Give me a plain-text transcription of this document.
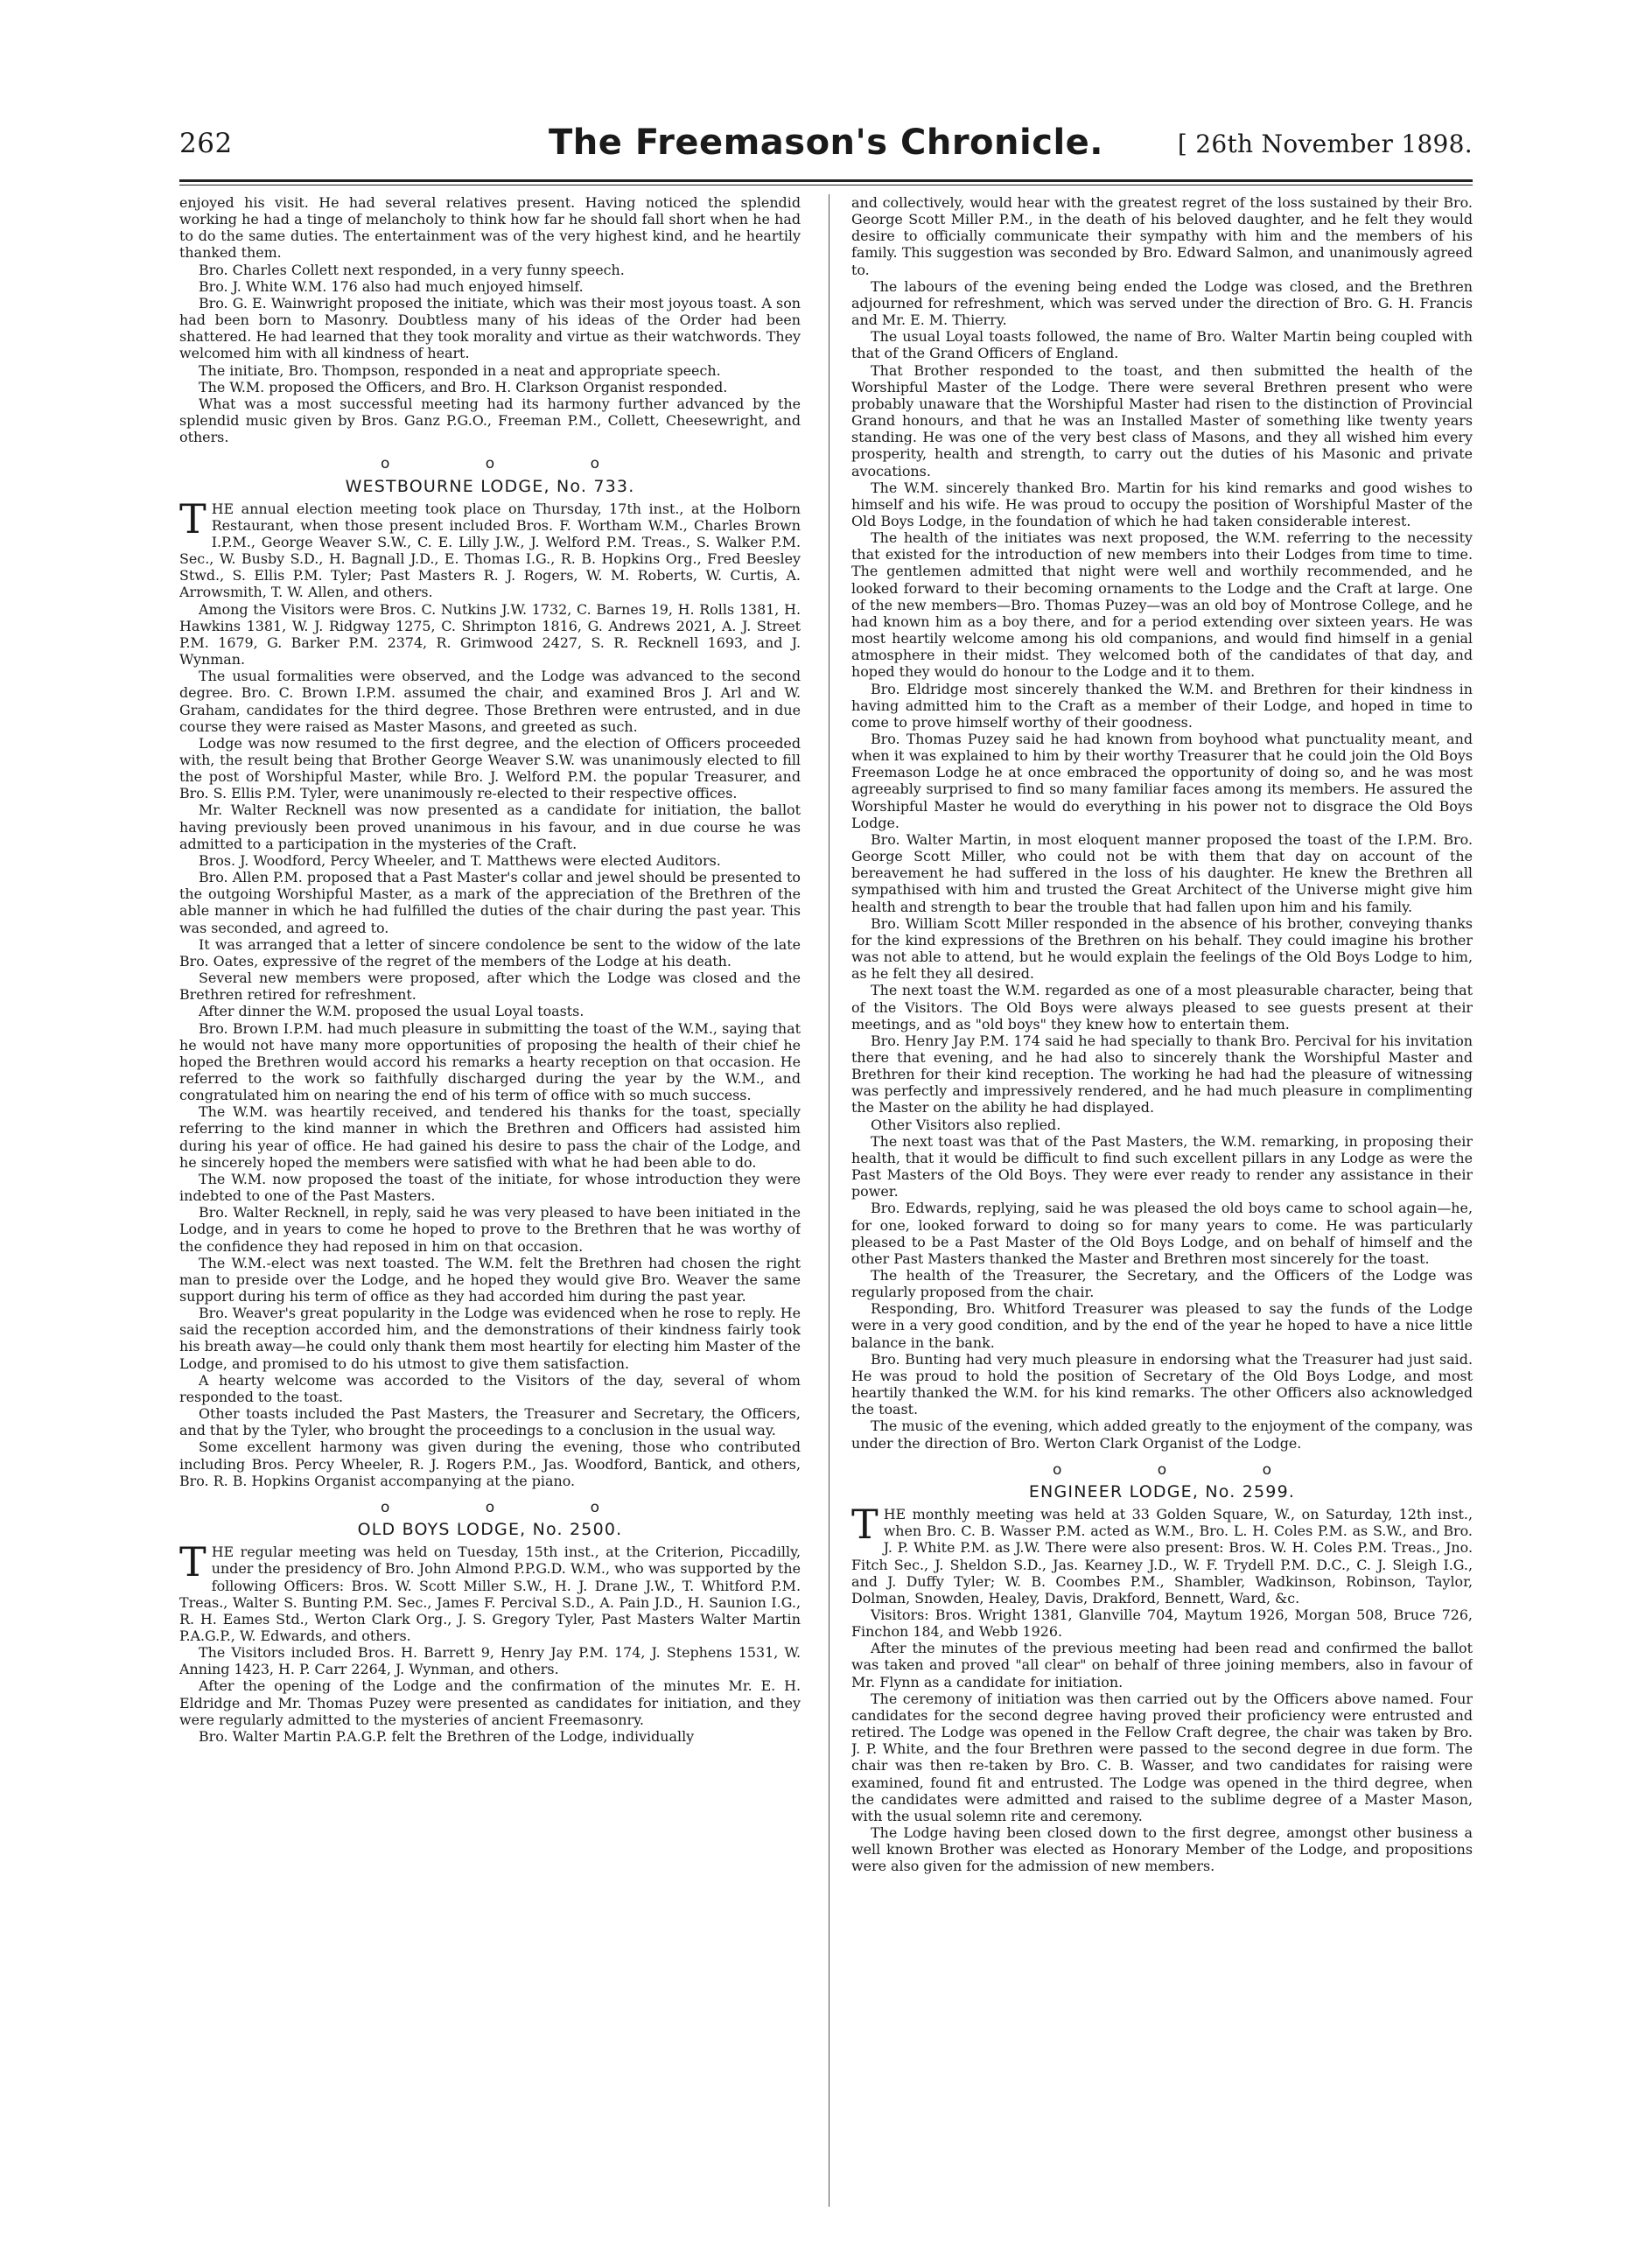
262	The Freemason's Chronicle.	[ 26th November 1898.

enjoyed his visit. He had several relatives present. Having noticed the splendid working he had a tinge of melancholy to think how far he should fall short when he had to do the same duties. The entertainment was of the very highest kind, and he heartily thanked them.

Bro. Charles Collett next responded, in a very funny speech.

Bro. J. White W.M. 176 also had much enjoyed himself.

Bro. G. E. Wainwright proposed the initiate, which was their most joyous toast. A son had been born to Masonry. Doubtless many of his ideas of the Order had been shattered. He had learned that they took morality and virtue as their watchwords. They welcomed him with all kindness of heart.

The initiate, Bro. Thompson, responded in a neat and appropriate speech.

The W.M. proposed the Officers, and Bro. H. Clarkson Organist responded.

What was a most successful meeting had its harmony further advanced by the splendid music given by Bros. Ganz P.G.O., Freeman P.M., Collett, Cheesewright, and others.

o o o
WESTBOURNE LODGE, No. 733.

THE annual election meeting took place on Thursday, 17th inst., at the Holborn Restaurant, when those present included Bros. F. Wortham W.M., Charles Brown I.P.M., George Weaver S.W., C. E. Lilly J.W., J. Welford P.M. Treas., S. Walker P.M. Sec., W. Busby S.D., H. Bagnall J.D., E. Thomas I.G., R. B. Hopkins Org., Fred Beesley Stwd., S. Ellis P.M. Tyler; Past Masters R. J. Rogers, W. M. Roberts, W. Curtis, A. Arrowsmith, T. W. Allen, and others.

Among the Visitors were Bros. C. Nutkins J.W. 1732, C. Barnes 19, H. Rolls 1381, H. Hawkins 1381, W. J. Ridgway 1275, C. Shrimpton 1816, G. Andrews 2021, A. J. Street P.M. 1679, G. Barker P.M. 2374, R. Grimwood 2427, S. R. Recknell 1693, and J. Wynman.

The usual formalities were observed, and the Lodge was advanced to the second degree. Bro. C. Brown I.P.M. assumed the chair, and examined Bros J. Arl and W. Graham, candidates for the third degree. Those Brethren were entrusted, and in due course they were raised as Master Masons, and greeted as such.

Lodge was now resumed to the first degree, and the election of Officers proceeded with, the result being that Brother George Weaver S.W. was unanimously elected to fill the post of Worshipful Master, while Bro. J. Welford P.M. the popular Treasurer, and Bro. S. Ellis P.M. Tyler, were unanimously re-elected to their respective offices.

Mr. Walter Recknell was now presented as a candidate for initiation, the ballot having previously been proved unanimous in his favour, and in due course he was admitted to a participation in the mysteries of the Craft.

Bros. J. Woodford, Percy Wheeler, and T. Matthews were elected Auditors.

Bro. Allen P.M. proposed that a Past Master's collar and jewel should be presented to the outgoing Worshipful Master, as a mark of the appreciation of the Brethren of the able manner in which he had fulfilled the duties of the chair during the past year. This was seconded, and agreed to.

It was arranged that a letter of sincere condolence be sent to the widow of the late Bro. Oates, expressive of the regret of the members of the Lodge at his death.

Several new members were proposed, after which the Lodge was closed and the Brethren retired for refreshment.

After dinner the W.M. proposed the usual Loyal toasts.

Bro. Brown I.P.M. had much pleasure in submitting the toast of the W.M., saying that he would not have many more opportunities of proposing the health of their chief he hoped the Brethren would accord his remarks a hearty reception on that occasion. He referred to the work so faithfully discharged during the year by the W.M., and congratulated him on nearing the end of his term of office with so much success.

The W.M. was heartily received, and tendered his thanks for the toast, specially referring to the kind manner in which the Brethren and Officers had assisted him during his year of office. He had gained his desire to pass the chair of the Lodge, and he sincerely hoped the members were satisfied with what he had been able to do.

The W.M. now proposed the toast of the initiate, for whose introduction they were indebted to one of the Past Masters.

Bro. Walter Recknell, in reply, said he was very pleased to have been initiated in the Lodge, and in years to come he hoped to prove to the Brethren that he was worthy of the confidence they had reposed in him on that occasion.

The W.M.-elect was next toasted. The W.M. felt the Brethren had chosen the right man to preside over the Lodge, and he hoped they would give Bro. Weaver the same support during his term of office as they had accorded him during the past year.

Bro. Weaver's great popularity in the Lodge was evidenced when he rose to reply. He said the reception accorded him, and the demonstrations of their kindness fairly took his breath away—he could only thank them most heartily for electing him Master of the Lodge, and promised to do his utmost to give them satisfaction.

A hearty welcome was accorded to the Visitors of the day, several of whom responded to the toast.

Other toasts included the Past Masters, the Treasurer and Secretary, the Officers, and that by the Tyler, who brought the proceedings to a conclusion in the usual way.

Some excellent harmony was given during the evening, those who contributed including Bros. Percy Wheeler, R. J. Rogers P.M., Jas. Woodford, Bantick, and others, Bro. R. B. Hopkins Organist accompanying at the piano.

o o o
OLD BOYS LODGE, No. 2500.

THE regular meeting was held on Tuesday, 15th inst., at the Criterion, Piccadilly, under the presidency of Bro. John Almond P.P.G.D. W.M., who was supported by the following Officers: Bros. W. Scott Miller S.W., H. J. Drane J.W., T. Whitford P.M. Treas., Walter S. Bunting P.M. Sec., James F. Percival S.D., A. Pain J.D., H. Saunion I.G., R. H. Eames Std., Werton Clark Org., J. S. Gregory Tyler, Past Masters Walter Martin P.A.G.P., W. Edwards, and others.

The Visitors included Bros. H. Barrett 9, Henry Jay P.M. 174, J. Stephens 1531, W. Anning 1423, H. P. Carr 2264, J. Wynman, and others.

After the opening of the Lodge and the confirmation of the minutes Mr. E. H. Eldridge and Mr. Thomas Puzey were presented as candidates for initiation, and they were regularly admitted to the mysteries of ancient Freemasonry.

Bro. Walter Martin P.A.G.P. felt the Brethren of the Lodge, individually

and collectively, would hear with the greatest regret of the loss sustained by their Bro. George Scott Miller P.M., in the death of his beloved daughter, and he felt they would desire to officially communicate their sympathy with him and the members of his family. This suggestion was seconded by Bro. Edward Salmon, and unanimously agreed to.

The labours of the evening being ended the Lodge was closed, and the Brethren adjourned for refreshment, which was served under the direction of Bro. G. H. Francis and Mr. E. M. Thierry.

The usual Loyal toasts followed, the name of Bro. Walter Martin being coupled with that of the Grand Officers of England.

That Brother responded to the toast, and then submitted the health of the Worshipful Master of the Lodge. There were several Brethren present who were probably unaware that the Worshipful Master had risen to the distinction of Provincial Grand honours, and that he was an Installed Master of something like twenty years standing. He was one of the very best class of Masons, and they all wished him every prosperity, health and strength, to carry out the duties of his Masonic and private avocations.

The W.M. sincerely thanked Bro. Martin for his kind remarks and good wishes to himself and his wife. He was proud to occupy the position of Worshipful Master of the Old Boys Lodge, in the foundation of which he had taken considerable interest.

The health of the initiates was next proposed, the W.M. referring to the necessity that existed for the introduction of new members into their Lodges from time to time. The gentlemen admitted that night were well and worthily recommended, and he looked forward to their becoming ornaments to the Lodge and the Craft at large. One of the new members—Bro. Thomas Puzey—was an old boy of Montrose College, and he had known him as a boy there, and for a period extending over sixteen years. He was most heartily welcome among his old companions, and would find himself in a genial atmosphere in their midst. They welcomed both of the candidates of that day, and hoped they would do honour to the Lodge and it to them.

Bro. Eldridge most sincerely thanked the W.M. and Brethren for their kindness in having admitted him to the Craft as a member of their Lodge, and hoped in time to come to prove himself worthy of their goodness.

Bro. Thomas Puzey said he had known from boyhood what punctuality meant, and when it was explained to him by their worthy Treasurer that he could join the Old Boys Freemason Lodge he at once embraced the opportunity of doing so, and he was most agreeably surprised to find so many familiar faces among its members. He assured the Worshipful Master he would do everything in his power not to disgrace the Old Boys Lodge.

Bro. Walter Martin, in most eloquent manner proposed the toast of the I.P.M. Bro. George Scott Miller, who could not be with them that day on account of the bereavement he had suffered in the loss of his daughter. He knew the Brethren all sympathised with him and trusted the Great Architect of the Universe might give him health and strength to bear the trouble that had fallen upon him and his family.

Bro. William Scott Miller responded in the absence of his brother, conveying thanks for the kind expressions of the Brethren on his behalf. They could imagine his brother was not able to attend, but he would explain the feelings of the Old Boys Lodge to him, as he felt they all desired.

The next toast the W.M. regarded as one of a most pleasurable character, being that of the Visitors. The Old Boys were always pleased to see guests present at their meetings, and as "old boys" they knew how to entertain them.

Bro. Henry Jay P.M. 174 said he had specially to thank Bro. Percival for his invitation there that evening, and he had also to sincerely thank the Worshipful Master and Brethren for their kind reception. The working he had had the pleasure of witnessing was perfectly and impressively rendered, and he had much pleasure in complimenting the Master on the ability he had displayed.

Other Visitors also replied.

The next toast was that of the Past Masters, the W.M. remarking, in proposing their health, that it would be difficult to find such excellent pillars in any Lodge as were the Past Masters of the Old Boys. They were ever ready to render any assistance in their power.

Bro. Edwards, replying, said he was pleased the old boys came to school again—he, for one, looked forward to doing so for many years to come. He was particularly pleased to be a Past Master of the Old Boys Lodge, and on behalf of himself and the other Past Masters thanked the Master and Brethren most sincerely for the toast.

The health of the Treasurer, the Secretary, and the Officers of the Lodge was regularly proposed from the chair.

Responding, Bro. Whitford Treasurer was pleased to say the funds of the Lodge were in a very good condition, and by the end of the year he hoped to have a nice little balance in the bank.

Bro. Bunting had very much pleasure in endorsing what the Treasurer had just said. He was proud to hold the position of Secretary of the Old Boys Lodge, and most heartily thanked the W.M. for his kind remarks. The other Officers also acknowledged the toast.

The music of the evening, which added greatly to the enjoyment of the company, was under the direction of Bro. Werton Clark Organist of the Lodge.

o o o
ENGINEER LODGE, No. 2599.

THE monthly meeting was held at 33 Golden Square, W., on Saturday, 12th inst., when Bro. C. B. Wasser P.M. acted as W.M., Bro. L. H. Coles P.M. as S.W., and Bro. J. P. White P.M. as J.W. There were also present: Bros. W. H. Coles P.M. Treas., Jno. Fitch Sec., J. Sheldon S.D., Jas. Kearney J.D., W. F. Trydell P.M. D.C., C. J. Sleigh I.G., and J. Duffy Tyler; W. B. Coombes P.M., Shambler, Wadkinson, Robinson, Taylor, Dolman, Snowden, Healey, Davis, Drakford, Bennett, Ward, &c.

Visitors: Bros. Wright 1381, Glanville 704, Maytum 1926, Morgan 508, Bruce 726, Finchon 184, and Webb 1926.

After the minutes of the previous meeting had been read and confirmed the ballot was taken and proved "all clear" on behalf of three joining members, also in favour of Mr. Flynn as a candidate for initiation.

The ceremony of initiation was then carried out by the Officers above named. Four candidates for the second degree having proved their proficiency were entrusted and retired. The Lodge was opened in the Fellow Craft degree, the chair was taken by Bro. J. P. White, and the four Brethren were passed to the second degree in due form. The chair was then re-taken by Bro. C. B. Wasser, and two candidates for raising were examined, found fit and entrusted. The Lodge was opened in the third degree, when the candidates were admitted and raised to the sublime degree of a Master Mason, with the usual solemn rite and ceremony.

The Lodge having been closed down to the first degree, amongst other business a well known Brother was elected as Honorary Member of the Lodge, and propositions were also given for the admission of new members.
